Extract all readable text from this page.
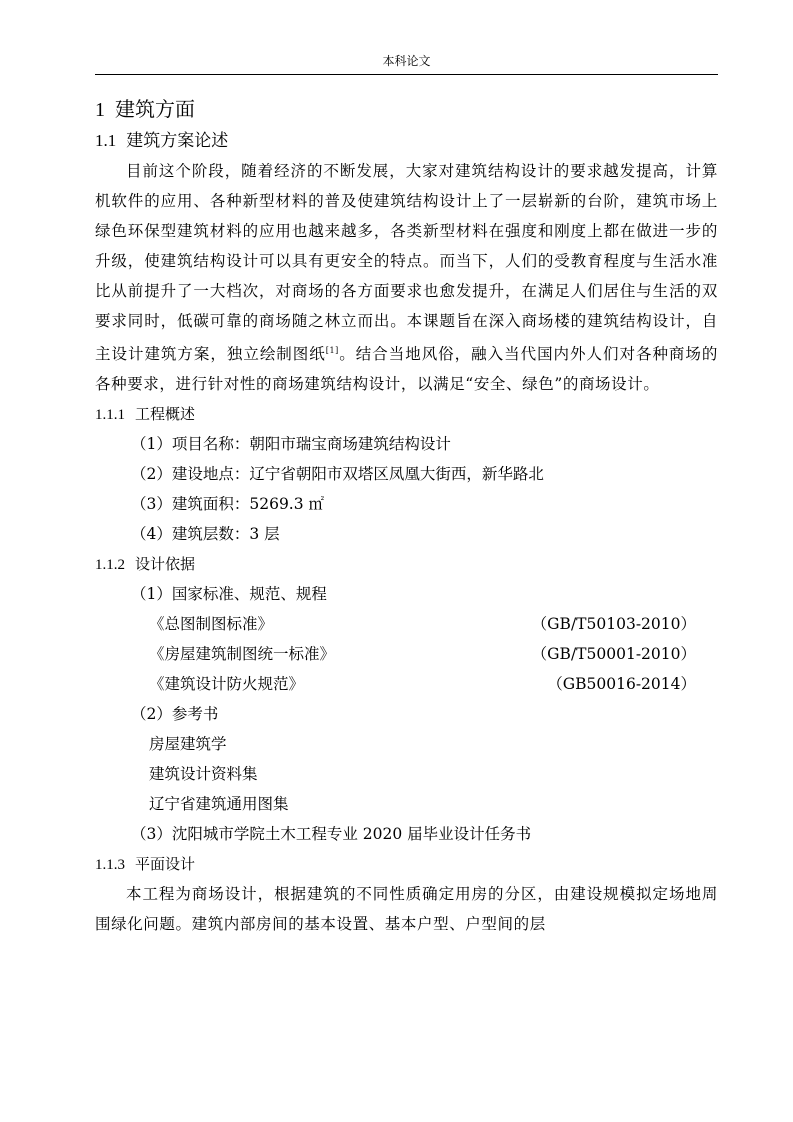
本科论文
1 建筑方面
1.1 建筑方案论述

目前这个阶段，随着经济的不断发展，大家对建筑结构设计的要求越发提高，计算机软件的应用、各种新型材料的普及使建筑结构设计上了一层崭新的台阶，建筑市场上绿色环保型建筑材料的应用也越来越多，各类新型材料在强度和刚度上都在做进一步的升级，使建筑结构设计可以具有更安全的特点。而当下，人们的受教育程度与生活水准比从前提升了一大档次，对商场的各方面要求也愈发提升，在满足人们居住与生活的双要求同时，低碳可靠的商场随之林立而出。本课题旨在深入商场楼的建筑结构设计，自主设计建筑方案，独立绘制图纸[1]。结合当地风俗，融入当代国内外人们对各种商场的各种要求，进行针对性的商场建筑结构设计，以满足“安全、绿色”的商场设计。

1.1.1 工程概述

（1）项目名称：朝阳市瑞宝商场建筑结构设计

（2）建设地点：辽宁省朝阳市双塔区凤凰大街西，新华路北

（3）建筑面积：5269.3 ㎡

（4）建筑层数：3 层

1.1.2 设计依据

（1）国家标准、规范、规程

《总图制图标准》	（GB/T50103-2010）
《房屋建筑制图统一标准》	（GB/T50001-2010）
《建筑设计防火规范》	（GB50016-2014）

（2）参考书

房屋建筑学

建筑设计资料集

辽宁省建筑通用图集

（3）沈阳城市学院土木工程专业 2020 届毕业设计任务书

1.1.3 平面设计

本工程为商场设计，根据建筑的不同性质确定用房的分区，由建设规模拟定场地周围绿化问题。建筑内部房间的基本设置、基本户型、户型间的层
